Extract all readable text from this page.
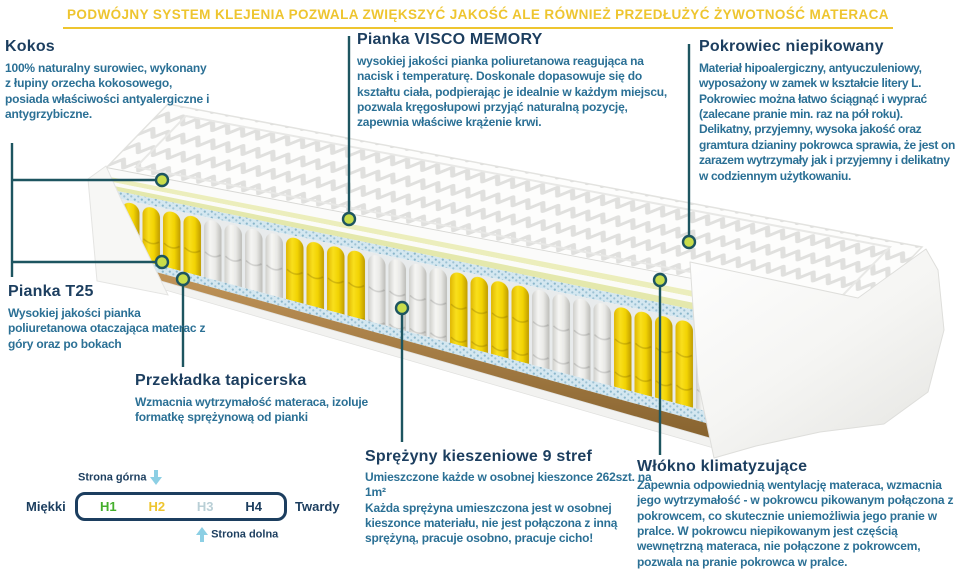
PODWÓJNY SYSTEM KLEJENIA POZWALA ZWIĘKSZYĆ JAKOŚĆ ALE RÓWNIEŻ PRZEDŁUŻYĆ ŻYWOTNOŚĆ MATERACA
Kokos

100% naturalny surowiec, wykonany z łupiny orzecha kokosowego, posiada właściwości antyalergiczne i antygrzybiczne.

Pianka VISCO MEMORY

wysokiej jakości pianka poliuretanowa reagująca na nacisk i temperaturę. Doskonale dopasowuje się do kształtu ciała, podpierając je idealnie w każdym miejscu, pozwala kręgosłupowi przyjąć naturalną pozycję, zapewnia właściwe krążenie krwi.

Pokrowiec niepikowany

Materiał hipoalergiczny, antyuczuleniowy, wyposażony w zamek w kształcie litery L. Pokrowiec można łatwo ściągnąć i wyprać (zalecane pranie min. raz na pół roku). Delikatny, przyjemny, wysoka jakość oraz gramtura dzianiny pokrowca sprawia, że jest on zarazem wytrzymały jak i przyjemny i delikatny w codziennym użytkowaniu.

Pianka T25

Wysokiej jakości pianka poliuretanowa otaczająca materac z góry oraz po bokach

Przekładka tapicerska

Wzmacnia wytrzymałość materaca, izoluje formatkę sprężynową od pianki

Sprężyny kieszeniowe 9 stref

Umieszczone każde w osobnej kieszonce 262szt. na 1m²

Każda sprężyna umieszczona jest w osobnej kieszonce materiału, nie jest połączona z inną sprężyną, pracuje osobno, pracuje cicho!

Włókno klimatyzujące

Zapewnia odpowiednią wentylację materaca, wzmacnia jego wytrzymałość - w pokrowcu pikowanym połączona z pokrowcem, co skutecznie uniemożliwia jego pranie w pralce. W pokrowcu niepikowanym jest częścią wewnętrzną materaca, nie połączone z pokrowcem, pozwala na pranie pokrowca w pralce.

Strona górna
Miękki	H1 H2 H3 H4	Twardy
Strona dolna
